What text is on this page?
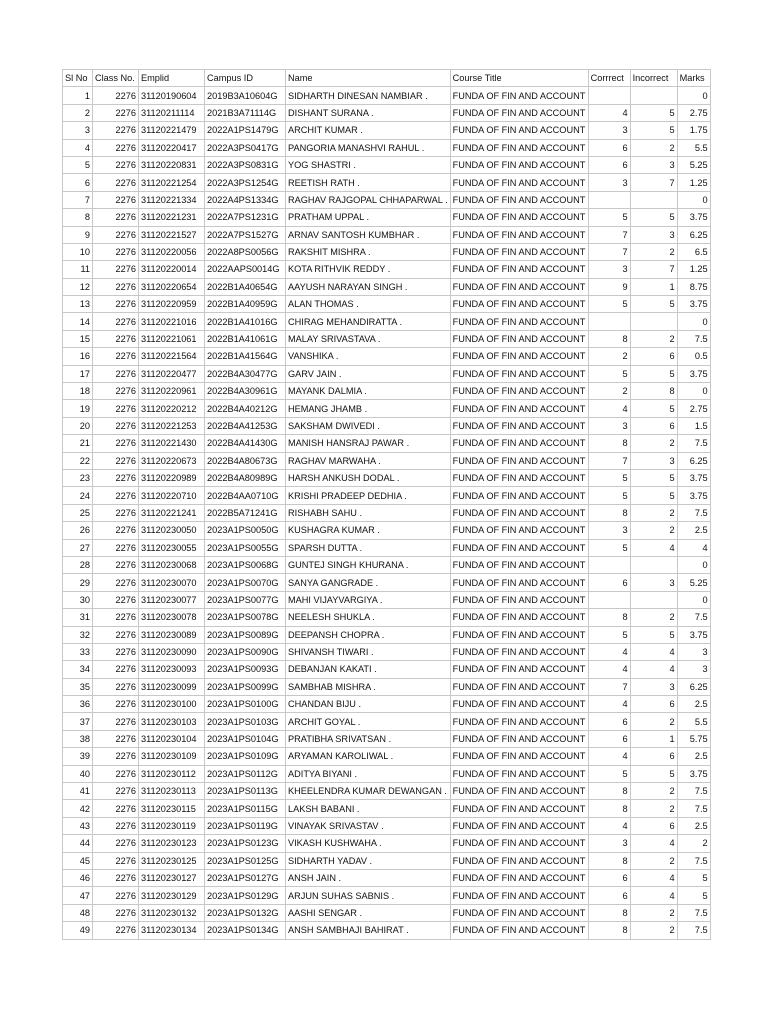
Sl No	Class No.	Emplid	Campus ID	Name	Course Title	Corrrect	Incorrect	Marks
1	2276	31120190604	2019B3A10604G	SIDHARTH DINESAN NAMBIAR .	FUNDA OF FIN AND ACCOUNT			0
2	2276	31120211114	2021B3A71114G	DISHANT SURANA .	FUNDA OF FIN AND ACCOUNT	4	5	2.75
3	2276	31120221479	2022A1PS1479G	ARCHIT KUMAR .	FUNDA OF FIN AND ACCOUNT	3	5	1.75
4	2276	31120220417	2022A3PS0417G	PANGORIA MANASHVI RAHUL .	FUNDA OF FIN AND ACCOUNT	6	2	5.5
5	2276	31120220831	2022A3PS0831G	YOG SHASTRI .	FUNDA OF FIN AND ACCOUNT	6	3	5.25
6	2276	31120221254	2022A3PS1254G	REETISH RATH .	FUNDA OF FIN AND ACCOUNT	3	7	1.25
7	2276	31120221334	2022A4PS1334G	RAGHAV RAJGOPAL CHHAPARWAL .	FUNDA OF FIN AND ACCOUNT			0
8	2276	31120221231	2022A7PS1231G	PRATHAM UPPAL .	FUNDA OF FIN AND ACCOUNT	5	5	3.75
9	2276	31120221527	2022A7PS1527G	ARNAV SANTOSH KUMBHAR .	FUNDA OF FIN AND ACCOUNT	7	3	6.25
10	2276	31120220056	2022A8PS0056G	RAKSHIT MISHRA .	FUNDA OF FIN AND ACCOUNT	7	2	6.5
11	2276	31120220014	2022AAPS0014G	KOTA RITHVIK REDDY .	FUNDA OF FIN AND ACCOUNT	3	7	1.25
12	2276	31120220654	2022B1A40654G	AAYUSH NARAYAN SINGH .	FUNDA OF FIN AND ACCOUNT	9	1	8.75
13	2276	31120220959	2022B1A40959G	ALAN THOMAS .	FUNDA OF FIN AND ACCOUNT	5	5	3.75
14	2276	31120221016	2022B1A41016G	CHIRAG MEHANDIRATTA .	FUNDA OF FIN AND ACCOUNT			0
15	2276	31120221061	2022B1A41061G	MALAY SRIVASTAVA .	FUNDA OF FIN AND ACCOUNT	8	2	7.5
16	2276	31120221564	2022B1A41564G	VANSHIKA .	FUNDA OF FIN AND ACCOUNT	2	6	0.5
17	2276	31120220477	2022B4A30477G	GARV JAIN .	FUNDA OF FIN AND ACCOUNT	5	5	3.75
18	2276	31120220961	2022B4A30961G	MAYANK DALMIA .	FUNDA OF FIN AND ACCOUNT	2	8	0
19	2276	31120220212	2022B4A40212G	HEMANG JHAMB .	FUNDA OF FIN AND ACCOUNT	4	5	2.75
20	2276	31120221253	2022B4A41253G	SAKSHAM DWIVEDI .	FUNDA OF FIN AND ACCOUNT	3	6	1.5
21	2276	31120221430	2022B4A41430G	MANISH HANSRAJ PAWAR .	FUNDA OF FIN AND ACCOUNT	8	2	7.5
22	2276	31120220673	2022B4A80673G	RAGHAV MARWAHA .	FUNDA OF FIN AND ACCOUNT	7	3	6.25
23	2276	31120220989	2022B4A80989G	HARSH ANKUSH DODAL .	FUNDA OF FIN AND ACCOUNT	5	5	3.75
24	2276	31120220710	2022B4AA0710G	KRISHI PRADEEP DEDHIA .	FUNDA OF FIN AND ACCOUNT	5	5	3.75
25	2276	31120221241	2022B5A71241G	RISHABH SAHU .	FUNDA OF FIN AND ACCOUNT	8	2	7.5
26	2276	31120230050	2023A1PS0050G	KUSHAGRA KUMAR .	FUNDA OF FIN AND ACCOUNT	3	2	2.5
27	2276	31120230055	2023A1PS0055G	SPARSH DUTTA .	FUNDA OF FIN AND ACCOUNT	5	4	4
28	2276	31120230068	2023A1PS0068G	GUNTEJ SINGH KHURANA .	FUNDA OF FIN AND ACCOUNT			0
29	2276	31120230070	2023A1PS0070G	SANYA GANGRADE .	FUNDA OF FIN AND ACCOUNT	6	3	5.25
30	2276	31120230077	2023A1PS0077G	MAHI VIJAYVARGIYA .	FUNDA OF FIN AND ACCOUNT			0
31	2276	31120230078	2023A1PS0078G	NEELESH SHUKLA .	FUNDA OF FIN AND ACCOUNT	8	2	7.5
32	2276	31120230089	2023A1PS0089G	DEEPANSH CHOPRA .	FUNDA OF FIN AND ACCOUNT	5	5	3.75
33	2276	31120230090	2023A1PS0090G	SHIVANSH TIWARI .	FUNDA OF FIN AND ACCOUNT	4	4	3
34	2276	31120230093	2023A1PS0093G	DEBANJAN KAKATI .	FUNDA OF FIN AND ACCOUNT	4	4	3
35	2276	31120230099	2023A1PS0099G	SAMBHAB MISHRA .	FUNDA OF FIN AND ACCOUNT	7	3	6.25
36	2276	31120230100	2023A1PS0100G	CHANDAN BIJU .	FUNDA OF FIN AND ACCOUNT	4	6	2.5
37	2276	31120230103	2023A1PS0103G	ARCHIT GOYAL .	FUNDA OF FIN AND ACCOUNT	6	2	5.5
38	2276	31120230104	2023A1PS0104G	PRATIBHA SRIVATSAN .	FUNDA OF FIN AND ACCOUNT	6	1	5.75
39	2276	31120230109	2023A1PS0109G	ARYAMAN KAROLIWAL .	FUNDA OF FIN AND ACCOUNT	4	6	2.5
40	2276	31120230112	2023A1PS0112G	ADITYA BIYANI .	FUNDA OF FIN AND ACCOUNT	5	5	3.75
41	2276	31120230113	2023A1PS0113G	KHEELENDRA KUMAR DEWANGAN .	FUNDA OF FIN AND ACCOUNT	8	2	7.5
42	2276	31120230115	2023A1PS0115G	LAKSH BABANI .	FUNDA OF FIN AND ACCOUNT	8	2	7.5
43	2276	31120230119	2023A1PS0119G	VINAYAK SRIVASTAV .	FUNDA OF FIN AND ACCOUNT	4	6	2.5
44	2276	31120230123	2023A1PS0123G	VIKASH KUSHWAHA .	FUNDA OF FIN AND ACCOUNT	3	4	2
45	2276	31120230125	2023A1PS0125G	SIDHARTH YADAV .	FUNDA OF FIN AND ACCOUNT	8	2	7.5
46	2276	31120230127	2023A1PS0127G	ANSH JAIN .	FUNDA OF FIN AND ACCOUNT	6	4	5
47	2276	31120230129	2023A1PS0129G	ARJUN SUHAS SABNIS .	FUNDA OF FIN AND ACCOUNT	6	4	5
48	2276	31120230132	2023A1PS0132G	AASHI SENGAR .	FUNDA OF FIN AND ACCOUNT	8	2	7.5
49	2276	31120230134	2023A1PS0134G	ANSH SAMBHAJI BAHIRAT .	FUNDA OF FIN AND ACCOUNT	8	2	7.5
